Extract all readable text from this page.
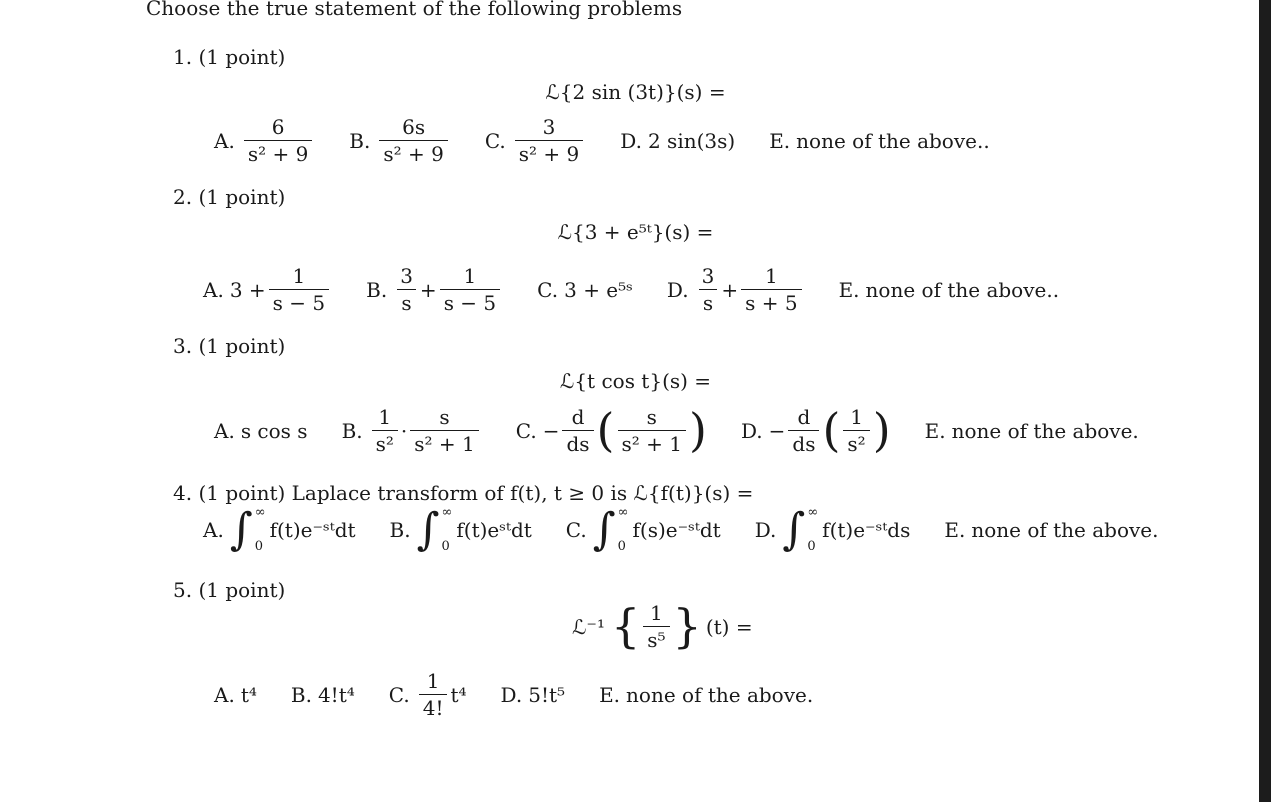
Choose the true statement of the following problems
1. (1 point)
ℒ{2 sin (3t)}(s) =
A. $\frac{6}{\text{s² + 9}} B$. $\frac{6s}{\text{s² + 9}} C$. $\frac{3}{\text{s² + 9}} D$. 2 sin(3s) E. none of the above..
2. (1 point)
ℒ{3 + e⁵ᵗ}(s) =
A. $3 + \frac{1}{s - 5} B$. $\frac{3}{s} + \frac{1}{s - 5} C$. 3 + e⁵ˢ D. $\frac{3}{s} + \frac{1}{s + 5} E$. none of the above..
3. (1 point)
ℒ{t cos t}(s) =
A. s cos s B. $\frac{1}{\text{s²}} \cdot \frac{s}{\text{s² + 1}} C$. − $\frac{d}{ds}$ ( $\frac{s}{\text{s² + 1}}$ ) D. − $\frac{d}{ds}$ ( $\frac{1}{\text{s²}}$ ) E. none of the above.
4. (1 point) Laplace transform of f(t), t ≥ 0 is ℒ{f(t)}(s) =
A. ∫ ∞
0
f(t)e⁻ˢᵗdt B. ∫ ∞
0
f(t)eˢᵗdt C. ∫ ∞
0
f(s)e⁻ˢᵗdt D. ∫ ∞
0
f(t)e⁻ˢᵗds E. none of the above.
5. (1 point)
ℒ⁻¹ { $\frac{1}{\text{s⁵}}$ } (t) =
A. t⁴ B. 4!t⁴ C. $\frac{1}{4!} t^4$ D. 5!t⁵ E. none of the above.
